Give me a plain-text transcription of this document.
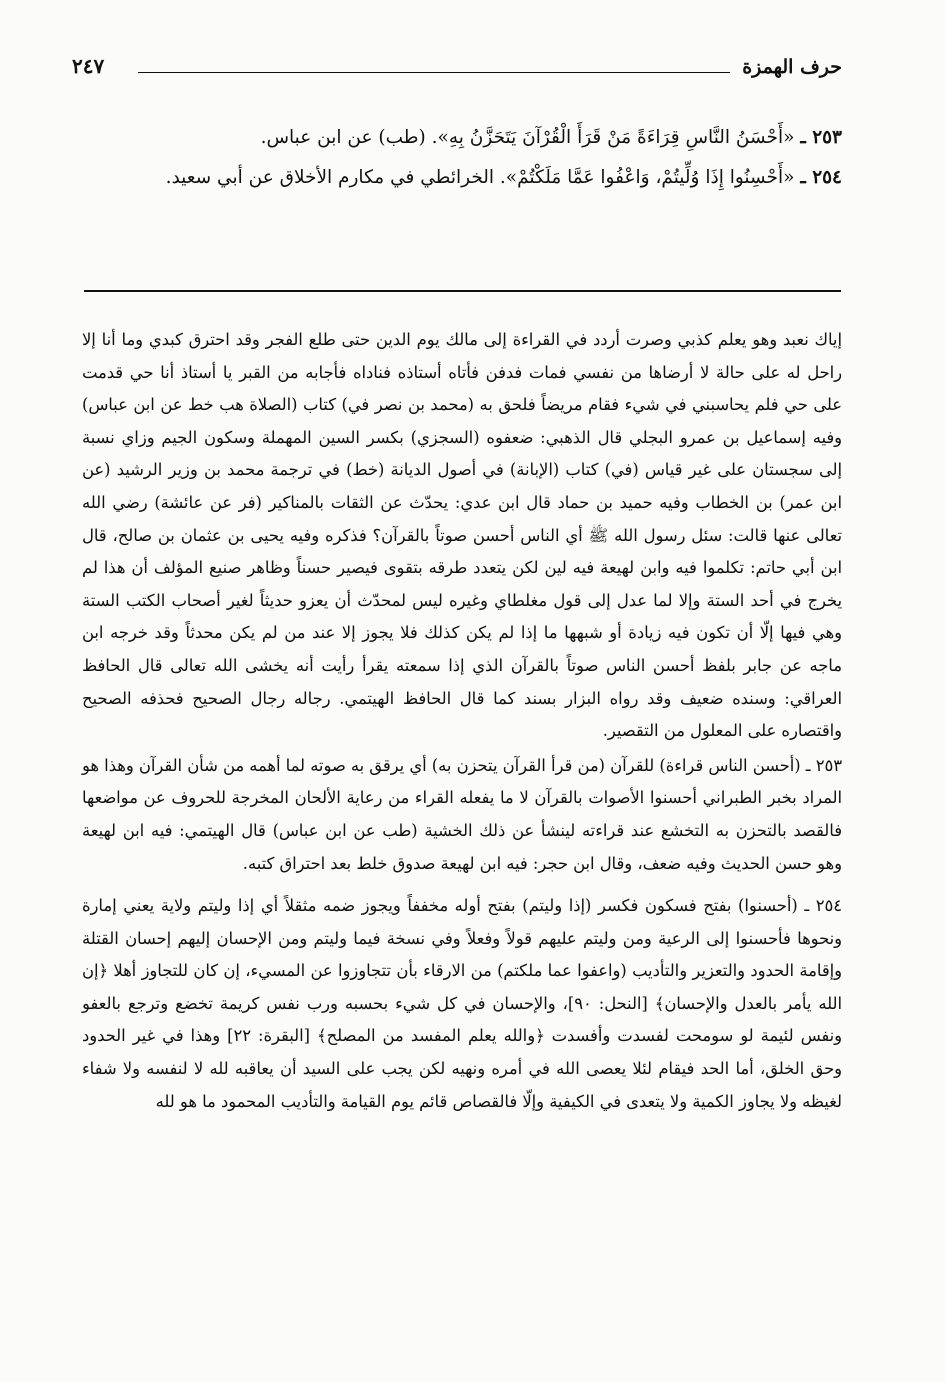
حرف الهمزة
٢٤٧

٢٥٣ ـ «أَحْسَنُ النَّاسِ قِرَاءَةً مَنْ قَرَأَ الْقُرْآنَ يَتَحَزَّنُ بِهِ». (طب) عن ابن عباس.

٢٥٤ ـ «أَحْسِنُوا إِذَا وُلِّيتُمْ، وَاعْفُوا عَمَّا مَلَكْتُمْ». الخرائطي في مكارم الأخلاق عن أبي سعيد.

إياك نعبد وهو يعلم كذبي وصرت أردد في القراءة إلى مالك يوم الدين حتى طلع الفجر وقد احترق كبدي وما أنا إلا راحل له على حالة لا أرضاها من نفسي فمات فدفن فأتاه أستاذه فناداه فأجابه من القبر يا أستاذ أنا حي قدمت على حي فلم يحاسبني في شيء فقام مريضاً فلحق به (محمد بن نصر في) كتاب (الصلاة هب خط عن ابن عباس) وفيه إسماعيل بن عمرو البجلي قال الذهبي: ضعفوه (السجزي) بكسر السين المهملة وسكون الجيم وزاي نسبة إلى سجستان على غير قياس (في) كتاب (الإبانة) في أصول الديانة (خط) في ترجمة محمد بن وزير الرشيد (عن ابن عمر) بن الخطاب وفيه حميد بن حماد قال ابن عدي: يحدّث عن الثقات بالمناكير (فر عن عائشة) رضي الله تعالى عنها قالت: سئل رسول الله ﷺ أي الناس أحسن صوتاً بالقرآن؟ فذكره وفيه يحيى بن عثمان بن صالح، قال ابن أبي حاتم: تكلموا فيه وابن لهيعة فيه لين لكن يتعدد طرقه بتقوى فيصير حسناً وظاهر صنيع المؤلف أن هذا لم يخرج في أحد الستة وإلا لما عدل إلى قول مغلطاي وغيره ليس لمحدّث أن يعزو حديثاً لغير أصحاب الكتب الستة وهي فيها إلّا أن تكون فيه زيادة أو شبهها ما إذا لم يكن كذلك فلا يجوز إلا عند من لم يكن محدثاً وقد خرجه ابن ماجه عن جابر بلفظ أحسن الناس صوتاً بالقرآن الذي إذا سمعته يقرأ رأيت أنه يخشى الله تعالى قال الحافظ العراقي: وسنده ضعيف وقد رواه البزار بسند كما قال الحافظ الهيتمي. رجاله رجال الصحيح فحذفه الصحيح واقتصاره على المعلول من التقصير.

٢٥٣ ـ (أحسن الناس قراءة) للقرآن (من قرأ القرآن يتحزن به) أي يرقق به صوته لما أهمه من شأن القرآن وهذا هو المراد بخبر الطبراني أحسنوا الأصوات بالقرآن لا ما يفعله القراء من رعاية الألحان المخرجة للحروف عن مواضعها فالقصد بالتحزن به التخشع عند قراءته لينشأ عن ذلك الخشية (طب عن ابن عباس) قال الهيتمي: فيه ابن لهيعة وهو حسن الحديث وفيه ضعف، وقال ابن حجر: فيه ابن لهيعة صدوق خلط بعد احتراق كتبه.

٢٥٤ ـ (أحسنوا) بفتح فسكون فكسر (إذا وليتم) بفتح أوله مخففاً ويجوز ضمه مثقلاً أي إذا وليتم ولاية يعني إمارة ونحوها فأحسنوا إلى الرعية ومن وليتم عليهم قولاً وفعلاً وفي نسخة فيما وليتم ومن الإحسان إليهم إحسان القتلة وإقامة الحدود والتعزير والتأديب (واعفوا عما ملكتم) من الارقاء بأن تتجاوزوا عن المسيء، إن كان للتجاوز أهلا ﴿إن الله يأمر بالعدل والإحسان﴾ [النحل: ٩٠]، والإحسان في كل شيء بحسبه ورب نفس كريمة تخضع وترجع بالعفو ونفس لئيمة لو سومحت لفسدت وأفسدت ﴿والله يعلم المفسد من المصلح﴾ [البقرة: ٢٢] وهذا في غير الحدود وحق الخلق، أما الحد فيقام لئلا يعصى الله في أمره ونهيه لكن يجب على السيد أن يعاقبه لله لا لنفسه ولا شفاء لغيظه ولا يجاوز الكمية ولا يتعدى في الكيفية وإلّا فالقصاص قائم يوم القيامة والتأديب المحمود ما هو لله
